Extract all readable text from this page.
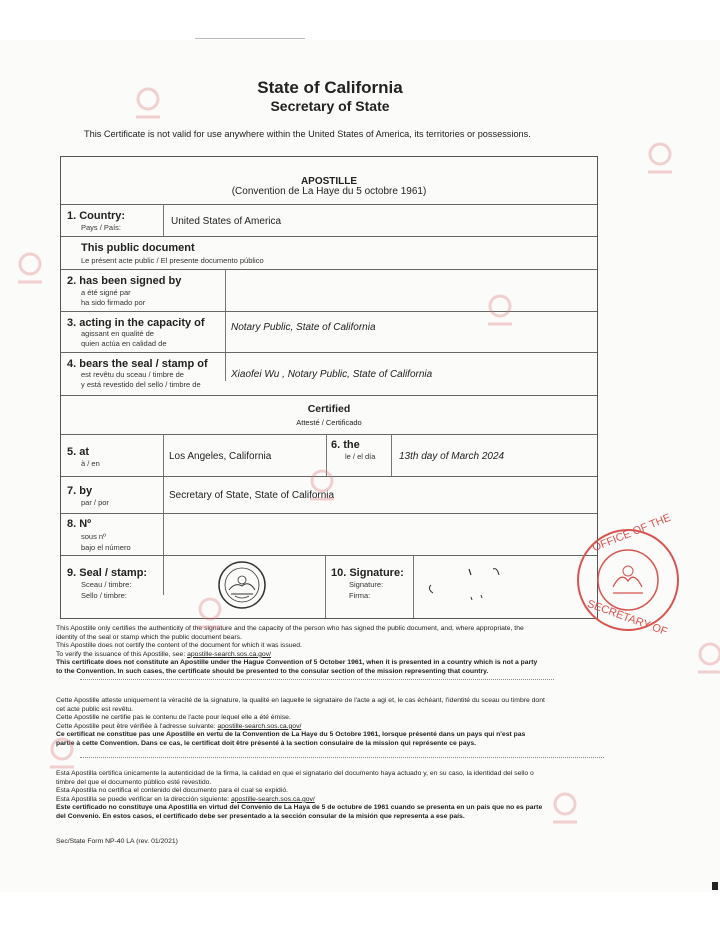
State of California
Secretary of State
This Certificate is not valid for use anywhere within the United States of America, its territories or possessions.
APOSTILLE
(Convention de La Haye du 5 octobre 1961)
1. Country:
Pays / País:
United States of America
This public document
Le présent acte public / El presente documento público
2. has been signed by
a été signé par
ha sido firmado por
3. acting in the capacity of
agissant en qualité de
quien actúa en calidad de
Notary Public, State of California
4. bears the seal / stamp of
est revêtu du sceau / timbre de
y está revestido del sello / timbre de
Xiaofei Wu , Notary Public, State of California
Certified
Attesté / Certificado
5. at
à / en
Los Angeles, California
6. the
le / el día 13th day of March 2024
7. by
par / por
Secretary of State, State of California
8. Nº
sous nº
bajo el número
9. Seal / stamp:
Sceau / timbre:
Sello / timbre:
10. Signature:
Signature:
Firma:
OFFICE OF THE
SECRETARY OF
This Apostille only certifies the authenticity of the signature and the capacity of the person who has signed the public document, and, where appropriate, the
identity of the seal or stamp which the public document bears.
This Apostille does not certify the content of the document for which it was issued.
To verify the issuance of this Apostille, see: apostille-search.sos.ca.gov/
This certificate does not constitute an Apostille under the Hague Convention of 5 October 1961, when it is presented in a country which is not a party
to the Convention. In such cases, the certificate should be presented to the consular section of the mission representing that country.
Cette Apostille atteste uniquement la véracité de la signature, la qualité en laquelle le signataire de l'acte a agi et, le cas échéant, l'identité du sceau ou timbre dont
cet acte public est revêtu.
Cette Apostille ne certifie pas le contenu de l'acte pour lequel elle a été émise.
Cette Apostille peut être vérifiée à l'adresse suivante: apostille-search.sos.ca.gov/
Ce certificat ne constitue pas une Apostille en vertu de la Convention de La Haye du 5 Octobre 1961, lorsque présenté dans un pays qui n'est pas
partie à cette Convention. Dans ce cas, le certificat doit être présenté à la section consulaire de la mission qui représente ce pays.
Esta Apostilla certifica únicamente la autenticidad de la firma, la calidad en que el signatario del documento haya actuado y, en su caso, la identidad del sello o
timbre del que el documento público esté revestido.
Esta Apostilla no certifica el contenido del documento para el cual se expidió.
Esta Apostilla se puede verificar en la dirección siguiente: apostille-search.sos.ca.gov/
Este certificado no constituye una Apostilla en virtud del Convenio de La Haya de 5 de octubre de 1961 cuando se presenta en un país que no es parte
del Convenio. En estos casos, el certificado debe ser presentado a la sección consular de la misión que representa a ese país.
Sec/State Form NP-40 LA (rev. 01/2021)
